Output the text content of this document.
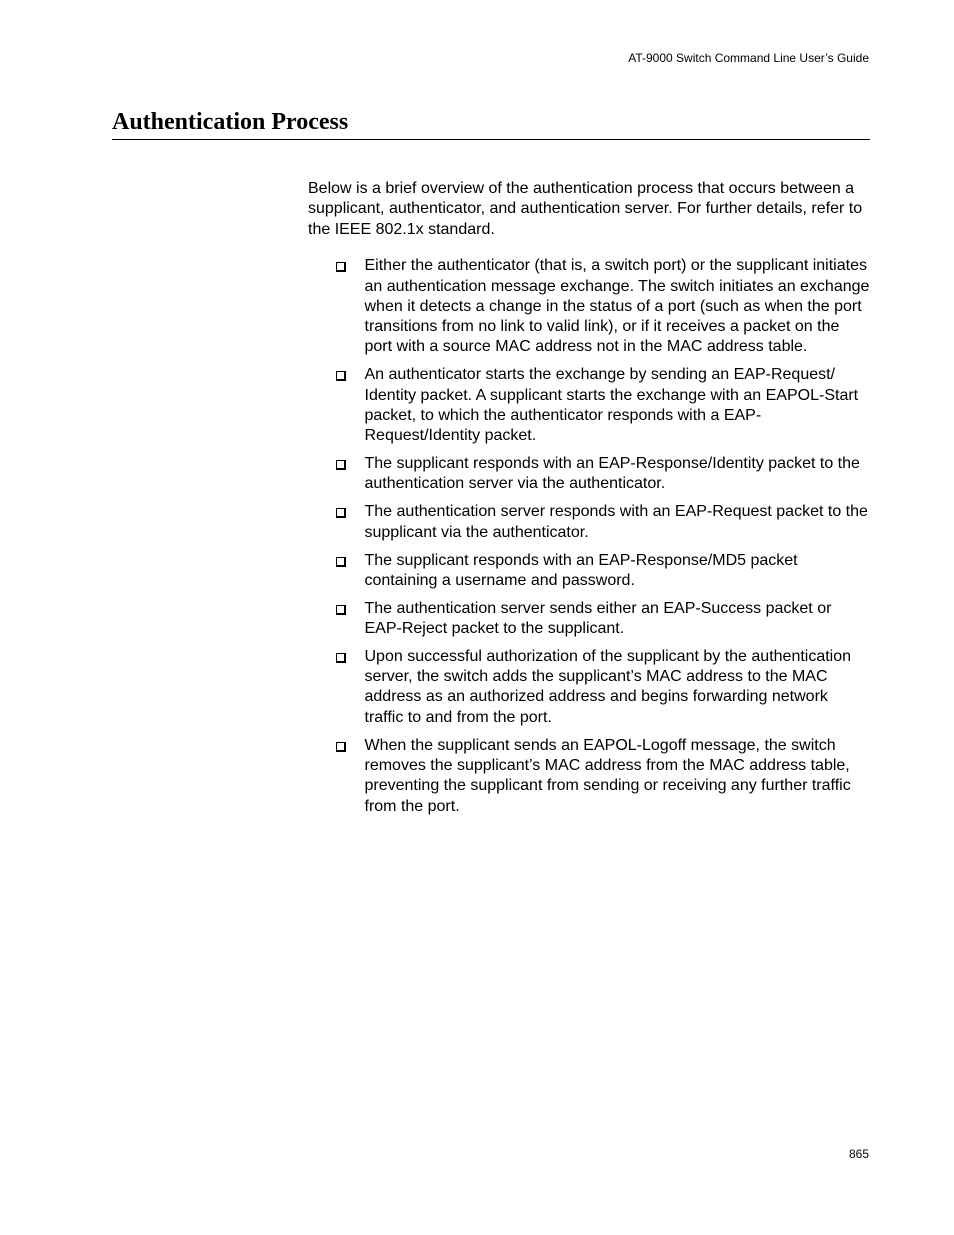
AT-9000 Switch Command Line User’s Guide
Authentication Process

Below is a brief overview of the authentication process that occurs between a supplicant, authenticator, and authentication server. For further details, refer to the IEEE 802.1x standard.

Either the authenticator (that is, a switch port) or the supplicant initiates an authentication message exchange. The switch initiates an exchange when it detects a change in the status of a port (such as when the port transitions from no link to valid link), or if it receives a packet on the port with a source MAC address not in the MAC address table.
An authenticator starts the exchange by sending an EAP-Request/ Identity packet. A supplicant starts the exchange with an EAPOL-Start packet, to which the authenticator responds with a EAP-Request/Identity packet.
The supplicant responds with an EAP-Response/Identity packet to the authentication server via the authenticator.
The authentication server responds with an EAP-Request packet to the supplicant via the authenticator.
The supplicant responds with an EAP-Response/MD5 packet containing a username and password.
The authentication server sends either an EAP-Success packet or EAP-Reject packet to the supplicant.
Upon successful authorization of the supplicant by the authentication server, the switch adds the supplicant’s MAC address to the MAC address as an authorized address and begins forwarding network traffic to and from the port.
When the supplicant sends an EAPOL-Logoff message, the switch removes the supplicant’s MAC address from the MAC address table, preventing the supplicant from sending or receiving any further traffic from the port.
865
